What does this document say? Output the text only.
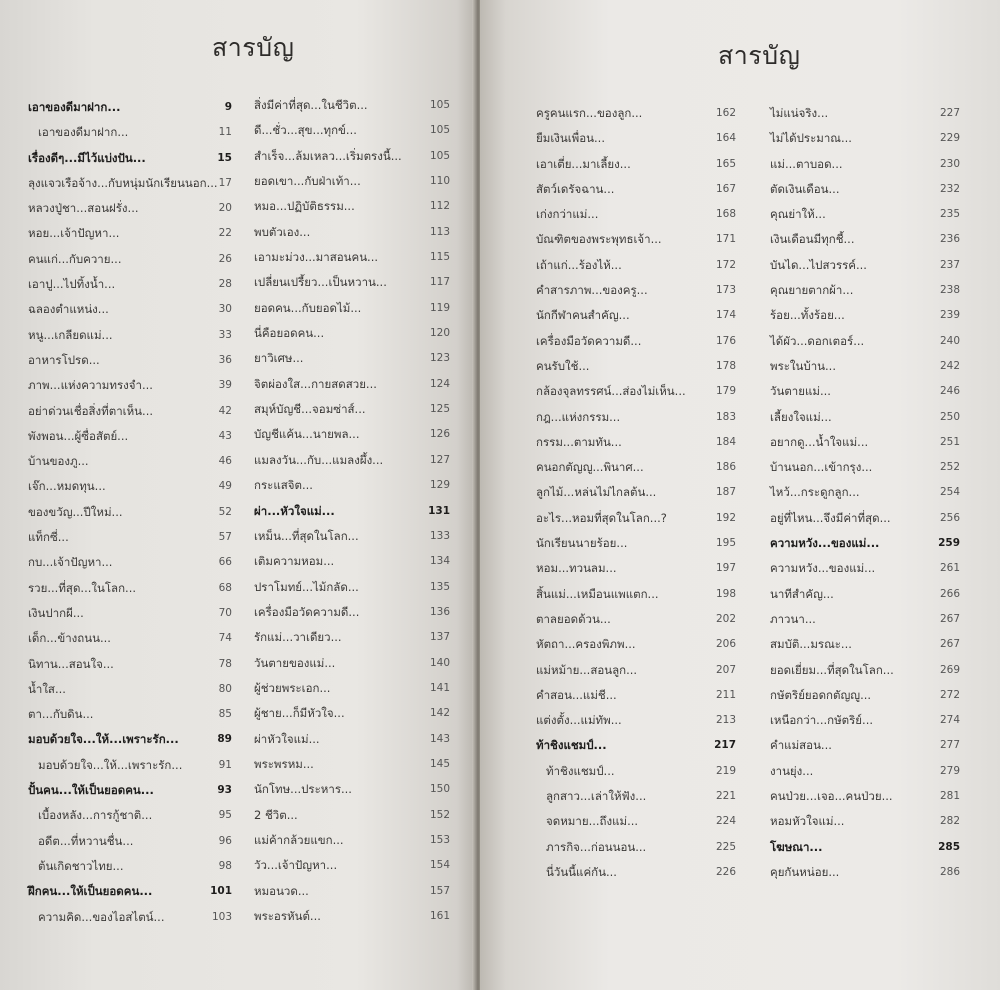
สารบัญ
เอาของดีมาฝาก...	9
เอาของดีมาฝาก...	11
เรื่องดีๆ...มีไว้แบ่งปัน...	15
ลุงแจวเรือจ้าง...กับหนุ่มนักเรียนนอก... 17
หลวงปู่ชา...สอนฝรั่ง...	20
หอย...เจ้าปัญหา...	22
คนแก่...กับควาย...	26
เอาปู...ไปทิ้งน้ำ...	28
ฉลองตำแหน่ง...	30
หนู...เกลียดแม่...	33
อาหารโปรด...	36
ภาพ...แห่งความทรงจำ...	39
อย่าด่วนเชื่อสิ่งที่ตาเห็น...	42
พังพอน...ผู้ซื่อสัตย์...	43
บ้านของภู...	46
เจ๊ก...หมดทุน...	49
ของขวัญ...ปีใหม่...	52
แท็กซี่...	57
กบ...เจ้าปัญหา...	66
รวย...ที่สุด...ในโลก...	68
เงินปากผี...	70
เด็ก...ข้างถนน...	74
นิทาน...สอนใจ...	78
น้ำใส...	80
ตา...กับดิน...	85
มอบด้วยใจ...ให้...เพราะรัก...	89
มอบด้วยใจ...ให้...เพราะรัก...	91
ปั้นคน...ให้เป็นยอดคน...	93
เบื้องหลัง...การกู้ชาติ...	95
อดีต...ที่หวานชื่น...	96
ต้นเกิดชาวไทย...	98
ฝึกคน...ให้เป็นยอดคน...	101
ความคิด...ของไอสไตน์...	103
สิ่งมีค่าที่สุด...ในชีวิต...	105
ดี...ชั่ว...สุข...ทุกข์...	105
สำเร็จ...ล้มเหลว...เริ่มตรงนี้...	105
ยอดเขา...กับฝ่าเท้า...	110
หมอ...ปฏิบัติธรรม...	112
พบตัวเอง...	113
เอามะม่วง...มาสอนคน...	115
เปลี่ยนเปรี้ยว...เป็นหวาน...	117
ยอดคน...กับยอดไม้...	119
นี่คือยอดคน...	120
ยาวิเศษ...	123
จิตผ่องใส...กายสดสวย...	124
สมุห์บัญชี...จอมซ่าส์...	125
บัญชีแค้น...นายพล...	126
แมลงวัน...กับ...แมลงผึ้ง...	127
กระแสจิต...	129
ผ่า...หัวใจแม่...	131
เหม็น...ที่สุดในโลก...	133
เติมความหอม...	134
ปราโมทย์...ไม้กลัด...	135
เครื่องมือวัดความดี...	136
รักแม่...วาเดียว...	137
วันตายของแม่...	140
ผู้ช่วยพระเอก...	141
ผู้ชาย...ก็มีหัวใจ...	142
ผ่าหัวใจแม่...	143
พระพรหม...	145
นักโทษ...ประหาร...	150
2 ชีวิต...	152
แม่ค้ากล้วยแขก...	153
วัว...เจ้าปัญหา...	154
หมอนวด...	157
พระอรหันต์...	161
สารบัญ
ครูคนแรก...ของลูก...	162
ยืมเงินเพื่อน...	164
เอาเตี่ย...มาเลี้ยง...	165
สัตว์เดรัจฉาน...	167
เก่งกว่าแม่...	168
บัณฑิตของพระพุทธเจ้า...	171
เถ้าแก่...ร้องไห้...	172
คำสารภาพ...ของครู...	173
นักกีฬาคนสำคัญ...	174
เครื่องมือวัดความดี...	176
คนรับใช้...	178
กล้องจุลทรรศน์...ส่องไม่เห็น...	179
กฎ...แห่งกรรม...	183
กรรม...ตามทัน...	184
คนอกตัญญู...พินาศ...	186
ลูกไม้...หล่นไม่ไกลต้น...	187
อะไร...หอมที่สุดในโลก...?	192
นักเรียนนายร้อย...	195
หอม...ทวนลม...	197
สิ้นแม่...เหมือนแพแตก...	198
ตาลยอดด้วน...	202
หัตถา...ครองพิภพ...	206
แม่หม้าย...สอนลูก...	207
คำสอน...แม่ชี...	211
แต่งตั้ง...แม่ทัพ...	213
ท้าชิงแชมป์...	217
ท้าชิงแชมป์...	219
ลูกสาว...เล่าให้ฟัง...	221
จดหมาย...ถึงแม่...	224
ภารกิจ...ก่อนนอน...	225
นี่วันนี้แค่กัน...	226
ไม่แน่จริง...	227
ไม่ได้ประมาณ...	229
แม่...ตาบอด...	230
ตัดเงินเดือน...	232
คุณย่าให้...	235
เงินเดือนมีทุกชี้...	236
บันได...ไปสวรรค์...	237
คุณยายตากผ้า...	238
ร้อย...ทั้งร้อย...	239
ได้ผัว...ดอกเตอร์...	240
พระในบ้าน...	242
วันตายแม่...	246
เลี้ยงใจแม่...	250
อยากดู...น้ำใจแม่...	251
บ้านนอก...เข้ากรุง...	252
ไหว้...กระดูกลูก...	254
อยู่ที่ไหน...จึงมีค่าที่สุด...	256
ความหวัง...ของแม่...	259
ความหวัง...ของแม่...	261
นาทีสำคัญ...	266
ภาวนา...	267
สมบัติ...มรณะ...	267
ยอดเยี่ยม...ที่สุดในโลก...	269
กษัตริย์ยอดกตัญญู...	272
เหนือกว่า...กษัตริย์...	274
คำแม่สอน...	277
งานยุ่ง...	279
คนป่วย...เจอ...คนป่วย...	281
หอมหัวใจแม่...	282
โฆษณา...	285
คุยกันหน่อย...	286
